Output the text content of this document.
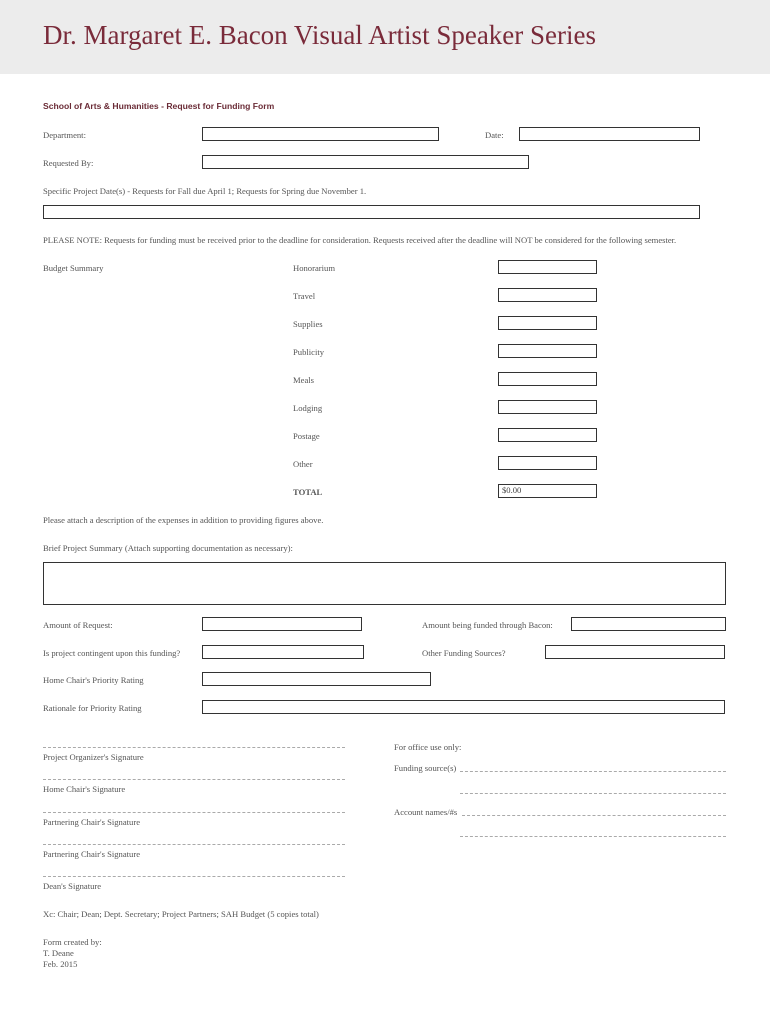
Dr. Margaret E. Bacon Visual Artist Speaker Series
School of Arts & Humanities - Request for Funding Form
Department:	Date:
Requested By:
Specific Project Date(s) - Requests for Fall due April 1; Requests for Spring due November 1.
PLEASE NOTE: Requests for funding must be received prior to the deadline for consideration. Requests received after the deadline will NOT be considered for the following semester.
Budget Summary	Honorarium
Travel
Supplies
Publicity
Meals
Lodging
Postage
Other
TOTAL	$0.00
Please attach a description of the expenses in addition to providing figures above.
Brief Project Summary (Attach supporting documentation as necessary):
Amount of Request:	Amount being funded through Bacon:
Is project contingent upon this funding?	Other Funding Sources?
Home Chair's Priority Rating
Rationale for Priority Rating
Project Organizer's Signature
Home Chair's Signature
Partnering Chair's Signature
Partnering Chair's Signature
Dean's Signature
For office use only:
Funding source(s)
Account names/#s
Xc: Chair; Dean; Dept. Secretary; Project Partners; SAH Budget (5 copies total)
Form created by:
T. Deane
Feb. 2015
